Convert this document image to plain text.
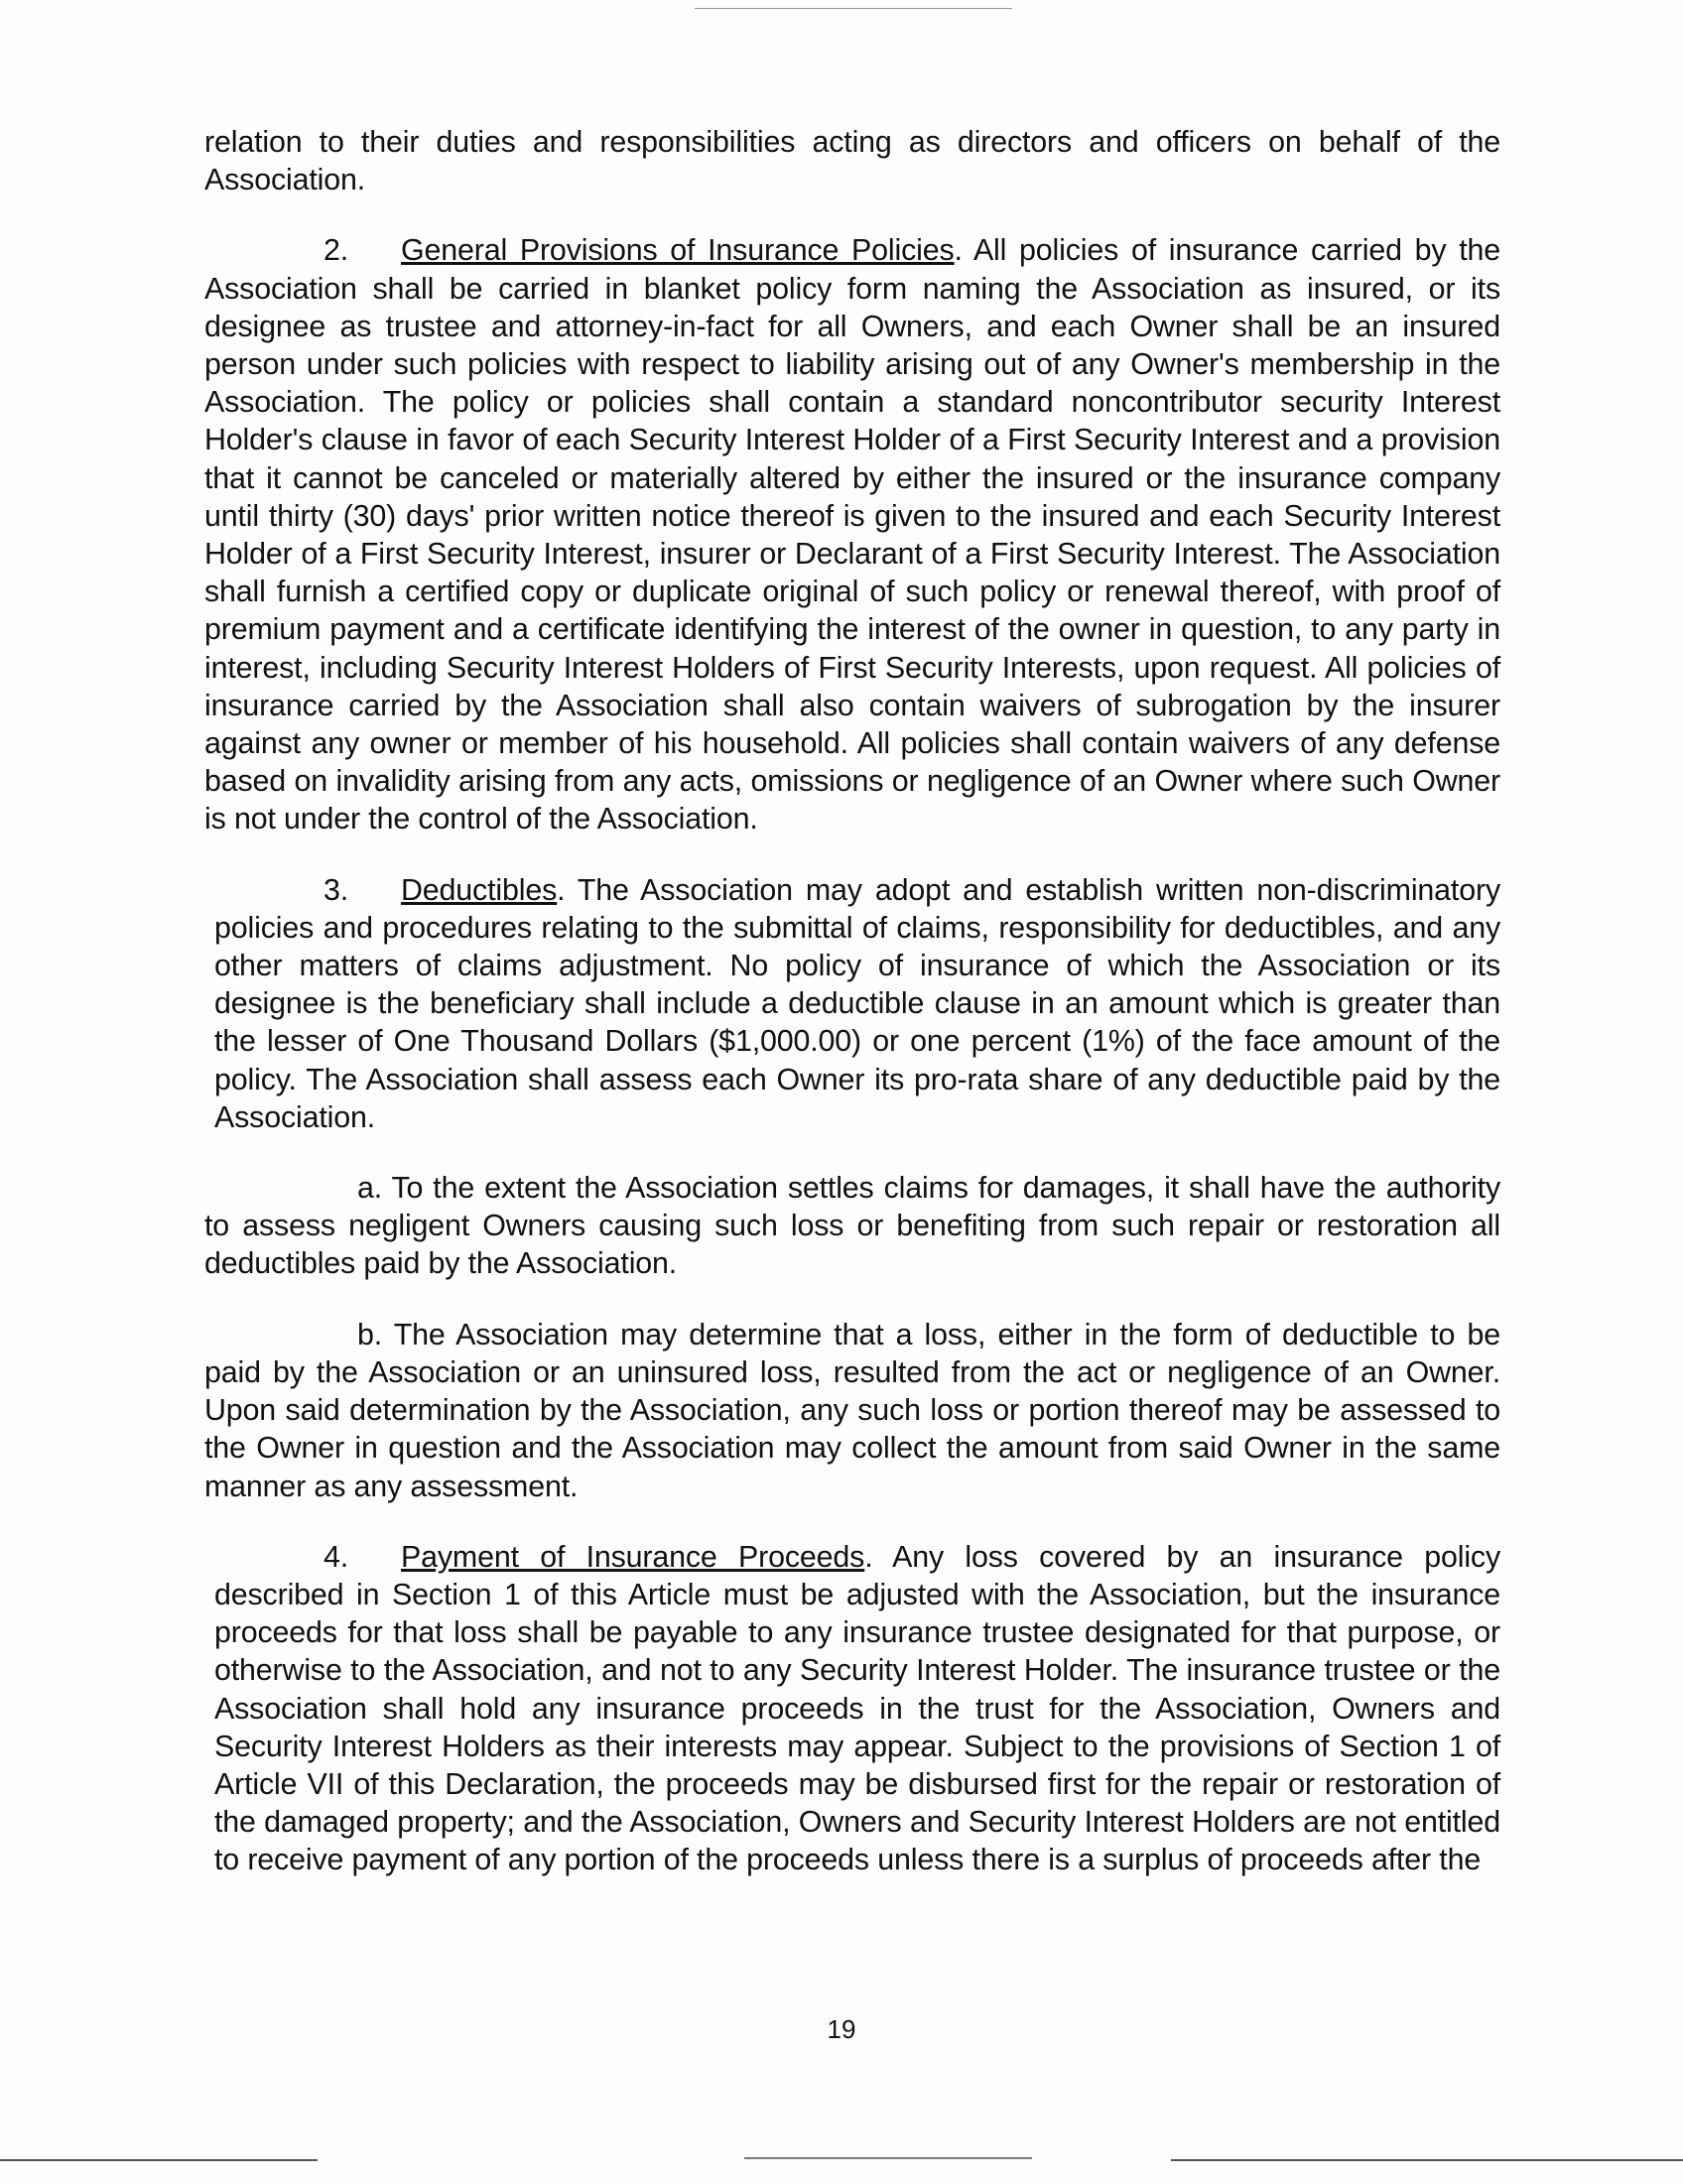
relation to their duties and responsibilities acting as directors and officers on behalf of the Association.

2. General Provisions of Insurance Policies. All policies of insurance carried by the Association shall be carried in blanket policy form naming the Association as insured, or its designee as trustee and attorney-in-fact for all Owners, and each Owner shall be an insured person under such policies with respect to liability arising out of any Owner's membership in the Association. The policy or policies shall contain a standard noncontributor security Interest Holder's clause in favor of each Security Interest Holder of a First Security Interest and a provision that it cannot be canceled or materially altered by either the insured or the insurance company until thirty (30) days' prior written notice thereof is given to the insured and each Security Interest Holder of a First Security Interest, insurer or Declarant of a First Security Interest. The Association shall furnish a certified copy or duplicate original of such policy or renewal thereof, with proof of premium payment and a certificate identifying the interest of the owner in question, to any party in interest, including Security Interest Holders of First Security Interests, upon request. All policies of insurance carried by the Association shall also contain waivers of subrogation by the insurer against any owner or member of his household. All policies shall contain waivers of any defense based on invalidity arising from any acts, omissions or negligence of an Owner where such Owner is not under the control of the Association.

3. Deductibles. The Association may adopt and establish written non-discriminatory policies and procedures relating to the submittal of claims, responsibility for deductibles, and any other matters of claims adjustment. No policy of insurance of which the Association or its designee is the beneficiary shall include a deductible clause in an amount which is greater than the lesser of One Thousand Dollars ($1,000.00) or one percent (1%) of the face amount of the policy. The Association shall assess each Owner its pro-rata share of any deductible paid by the Association.

a. To the extent the Association settles claims for damages, it shall have the authority to assess negligent Owners causing such loss or benefiting from such repair or restoration all deductibles paid by the Association.

b. The Association may determine that a loss, either in the form of deductible to be paid by the Association or an uninsured loss, resulted from the act or negligence of an Owner. Upon said determination by the Association, any such loss or portion thereof may be assessed to the Owner in question and the Association may collect the amount from said Owner in the same manner as any assessment.

4. Payment of Insurance Proceeds. Any loss covered by an insurance policy described in Section 1 of this Article must be adjusted with the Association, but the insurance proceeds for that loss shall be payable to any insurance trustee designated for that purpose, or otherwise to the Association, and not to any Security Interest Holder. The insurance trustee or the Association shall hold any insurance proceeds in the trust for the Association, Owners and Security Interest Holders as their interests may appear. Subject to the provisions of Section 1 of Article VII of this Declaration, the proceeds may be disbursed first for the repair or restoration of the damaged property; and the Association, Owners and Security Interest Holders are not entitled to receive payment of any portion of the proceeds unless there is a surplus of proceeds after the

19
